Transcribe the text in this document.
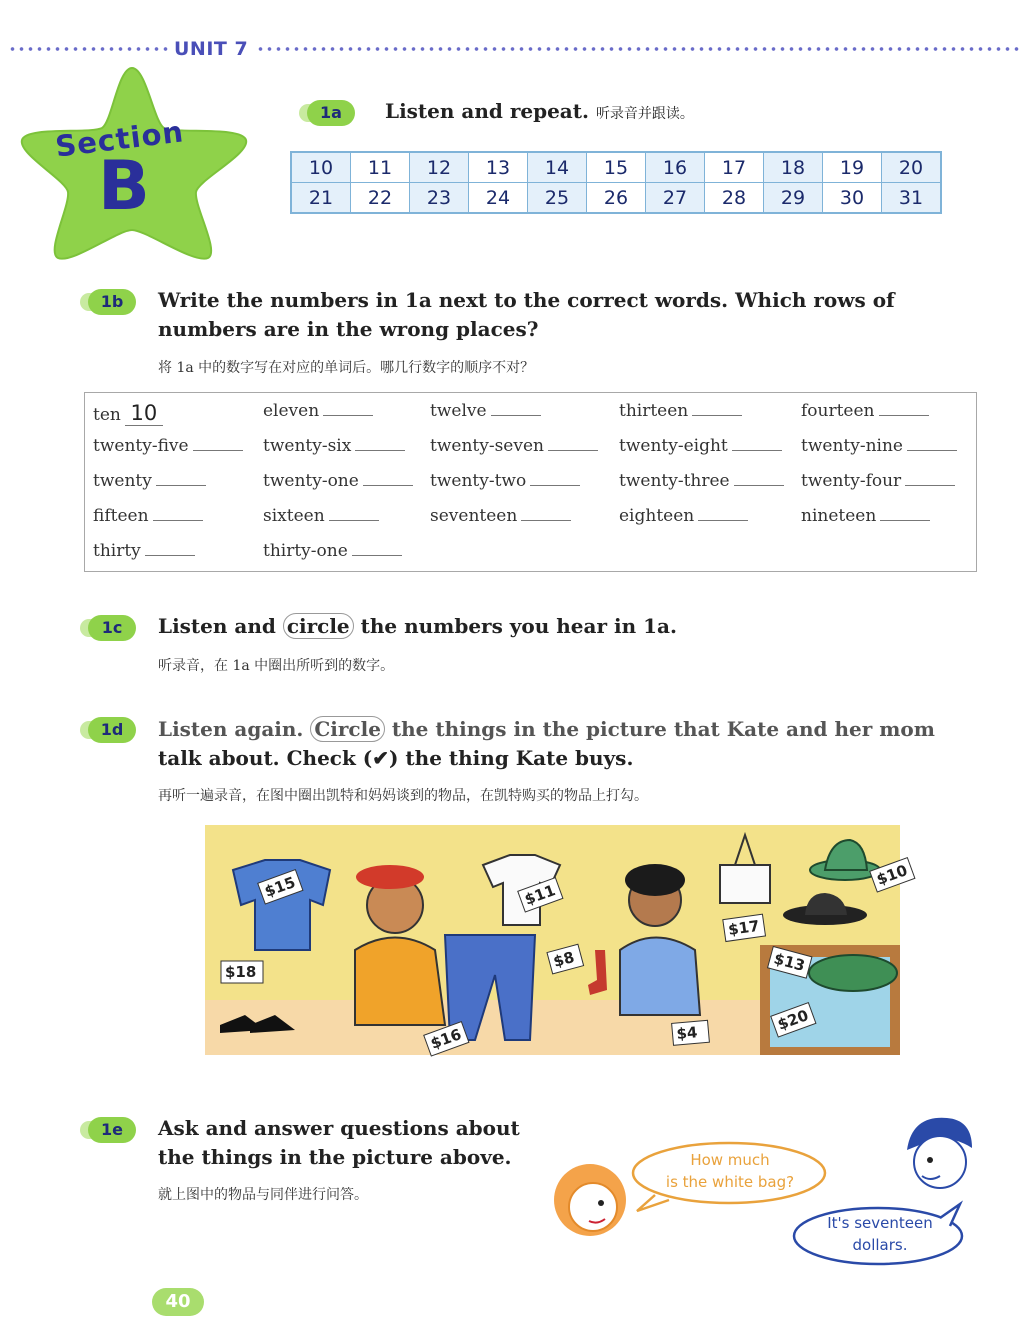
UNIT 7
Section
B
1a	Listen and repeat. 听录音并跟读。
10	11	12	13	14	15	16	17	18	19	20
21	22	23	24	25	26	27	28	29	30	31
1b	Write the numbers in 1a next to the correct words. Which rows of
numbers are in the wrong places?
将 1a 中的数字写在对应的单词后。哪几行数字的顺序不对？
ten 10	eleven	twelve	thirteen	fourteen
twenty-five	twenty-six	twenty-seven	twenty-eight	twenty-nine
twenty	twenty-one	twenty-two	twenty-three	twenty-four
fifteen	sixteen	seventeen	eighteen	nineteen
thirty	thirty-one
1c	Listen and circle the numbers you hear in 1a.
听录音，在 1a 中圈出所听到的数字。
1d	Listen again. Circle the things in the picture that Kate and her mom
talk about. Check (✔) the thing Kate buys.
再听一遍录音，在图中圈出凯特和妈妈谈到的物品，在凯特购买的物品上打勾。
$15	$11
$17
$10
$18
$8	$13
$16	$4	$20
1e	Ask and answer questions about
the things in the picture above.
就上图中的物品与同伴进行问答。
How much
is the white bag?
It's seventeen
dollars.
40
